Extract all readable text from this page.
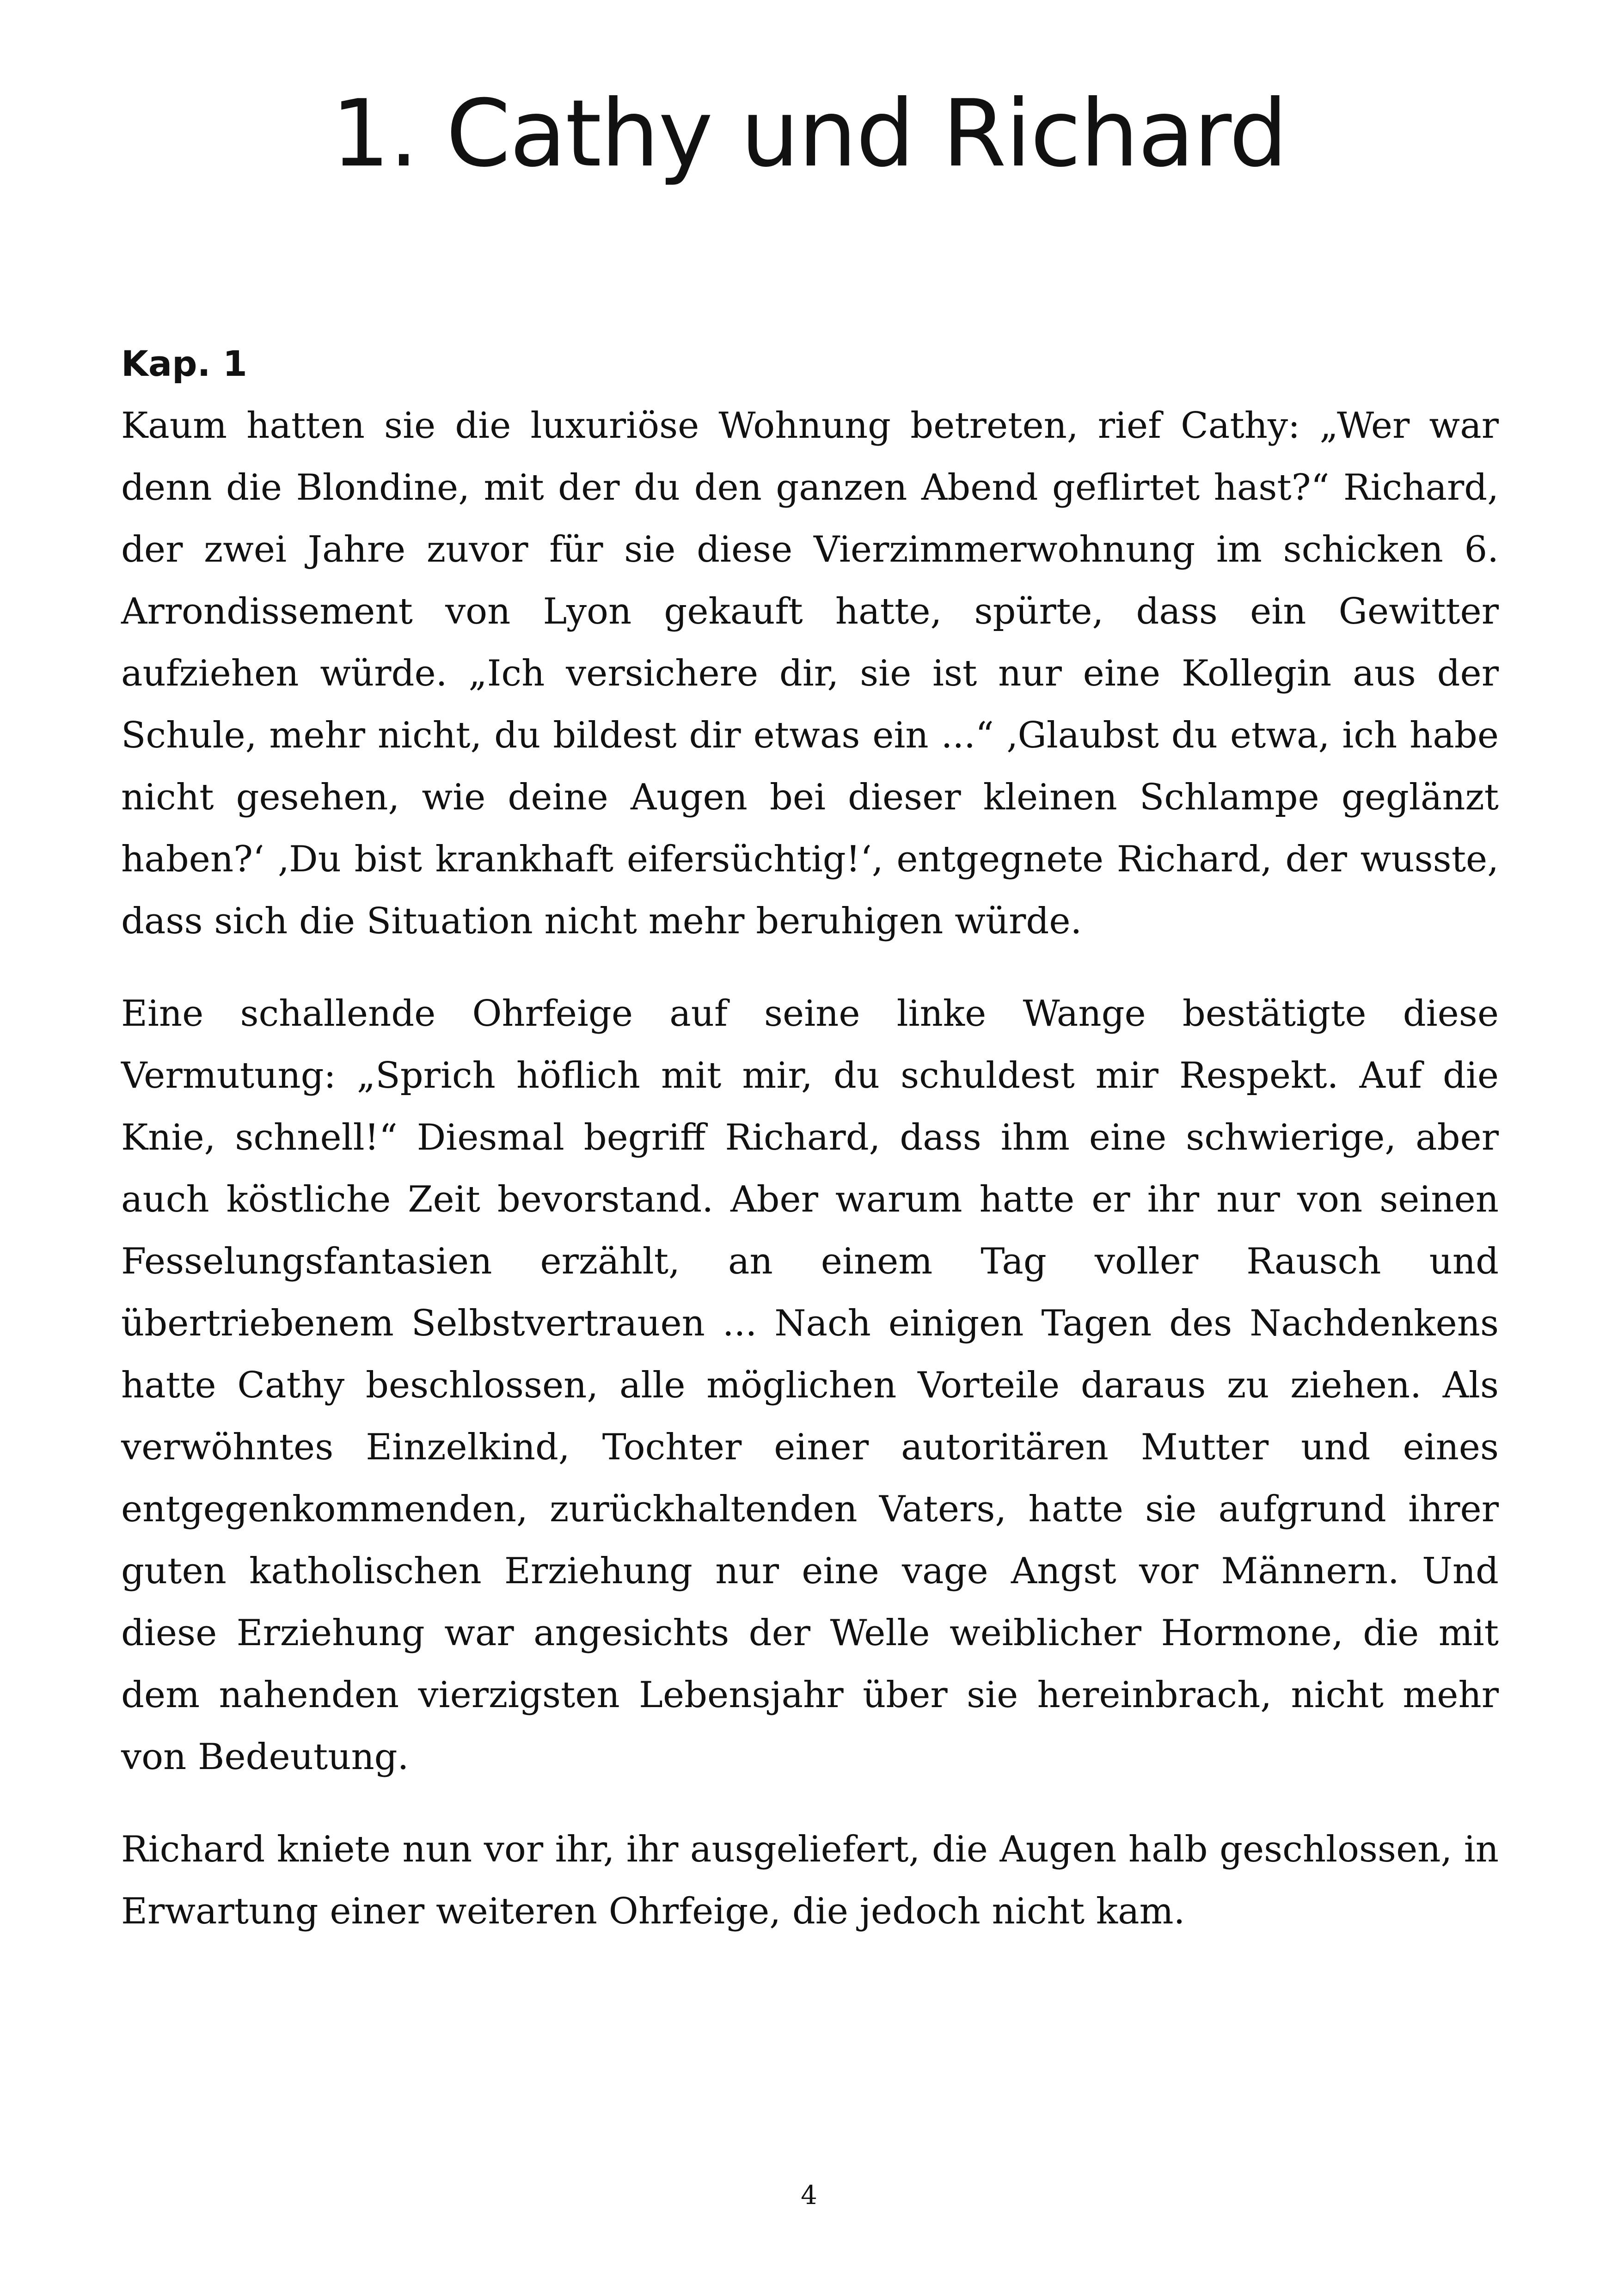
1. Cathy und Richard
Kap. 1

Kaum hatten sie die luxuriöse Wohnung betreten, rief Cathy: „Wer war denn die Blondine, mit der du den ganzen Abend geflirtet hast?“ Richard, der zwei Jahre zuvor für sie diese Vierzimmerwohnung im schicken 6. Arrondissement von Lyon gekauft hatte, spürte, dass ein Gewitter aufziehen würde. „Ich versichere dir, sie ist nur eine Kollegin aus der Schule, mehr nicht, du bildest dir etwas ein ...“ ‚Glaubst du etwa, ich habe nicht gesehen, wie deine Augen bei dieser kleinen Schlampe geglänzt haben?‘ ‚Du bist krankhaft eifersüchtig!‘, entgegnete Richard, der wusste, dass sich die Situation nicht mehr beruhigen würde.

Eine schallende Ohrfeige auf seine linke Wange bestätigte diese Vermutung: „Sprich höflich mit mir, du schuldest mir Respekt. Auf die Knie, schnell!“ Diesmal begriff Richard, dass ihm eine schwierige, aber auch köstliche Zeit bevorstand. Aber warum hatte er ihr nur von seinen Fesselungsfantasien erzählt, an einem Tag voller Rausch und übertriebenem Selbstvertrauen ... Nach einigen Tagen des Nachdenkens hatte Cathy beschlossen, alle möglichen Vorteile daraus zu ziehen. Als verwöhntes Einzelkind, Tochter einer autoritären Mutter und eines entgegenkommenden, zurückhaltenden Vaters, hatte sie aufgrund ihrer guten katholischen Erziehung nur eine vage Angst vor Männern. Und diese Erziehung war angesichts der Welle weiblicher Hormone, die mit dem nahenden vierzigsten Lebensjahr über sie hereinbrach, nicht mehr von Bedeutung.

Richard kniete nun vor ihr, ihr ausgeliefert, die Augen halb geschlossen, in Erwartung einer weiteren Ohrfeige, die jedoch nicht kam.

4
